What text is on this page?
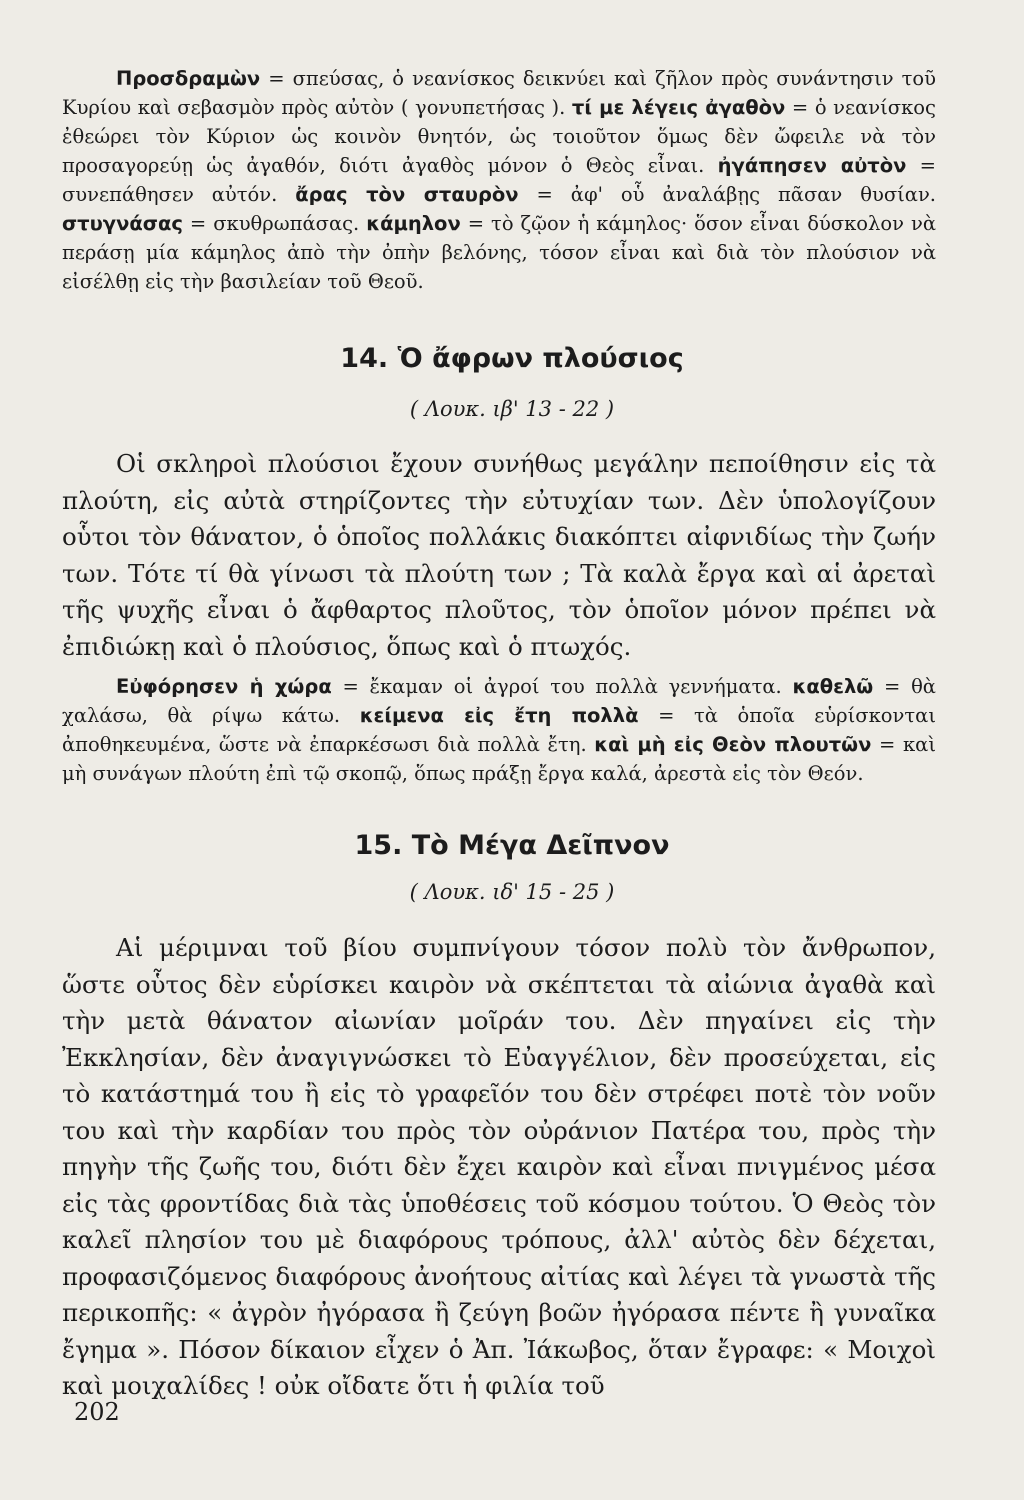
Προσδραμὼν = σπεύσας, ὁ νεανίσκος δεικνύει καὶ ζῆλον πρὸς συνάντησιν τοῦ Κυρίου καὶ σεβασμὸν πρὸς αὐτὸν ( γονυπετήσας ). τί με λέγεις ἀγαθὸν = ὁ νεανίσκος ἐθεώρει τὸν Κύριον ὡς κοινὸν θνητόν, ὡς τοιοῦτον ὅμως δὲν ὤφειλε νὰ τὸν προσαγορεύῃ ὡς ἀγαθόν, διότι ἀγαθὸς μόνον ὁ Θεὸς εἶναι. ἠγάπησεν αὐτὸν = συνεπάθησεν αὐτόν. ἄρας τὸν σταυρὸν = ἀφ' οὗ ἀναλάβῃς πᾶσαν θυσίαν. στυγνάσας = σκυθρωπάσας. κάμηλον = τὸ ζῷον ἡ κάμηλος· ὅσον εἶναι δύσκολον νὰ περάσῃ μία κάμηλος ἀπὸ τὴν ὀπὴν βελόνης, τόσον εἶναι καὶ διὰ τὸν πλούσιον νὰ εἰσέλθῃ εἰς τὴν βασιλείαν τοῦ Θεοῦ.
14. Ὁ ἄφρων πλούσιος
( Λουκ. ιβ' 13 - 22 )
Οἱ σκληροὶ πλούσιοι ἔχουν συνήθως μεγάλην πεποίθησιν εἰς τὰ πλούτη, εἰς αὐτὰ στηρίζοντες τὴν εὐτυχίαν των. Δὲν ὑπολογίζουν οὗτοι τὸν θάνατον, ὁ ὁποῖος πολλάκις διακόπτει αἰφνιδίως τὴν ζωήν των. Τότε τί θὰ γίνωσι τὰ πλούτη των ; Τὰ καλὰ ἔργα καὶ αἱ ἀρεταὶ τῆς ψυχῆς εἶναι ὁ ἄφθαρτος πλοῦτος, τὸν ὁποῖον μόνον πρέπει νὰ ἐπιδιώκῃ καὶ ὁ πλούσιος, ὅπως καὶ ὁ πτωχός.
Εὐφόρησεν ἡ χώρα = ἔκαμαν οἱ ἀγροί του πολλὰ γεννήματα. καθελῶ = θὰ χαλάσω, θὰ ρίψω κάτω. κείμενα εἰς ἔτη πολλὰ = τὰ ὁποῖα εὑρίσκονται ἀποθηκευμένα, ὥστε νὰ ἐπαρκέσωσι διὰ πολλὰ ἔτη. καὶ μὴ εἰς Θεὸν πλουτῶν = καὶ μὴ συνάγων πλούτη ἐπὶ τῷ σκοπῷ, ὅπως πράξῃ ἔργα καλά, ἀρεστὰ εἰς τὸν Θεόν.
15. Τὸ Μέγα Δεῖπνον
( Λουκ. ιδ' 15 - 25 )
Αἱ μέριμναι τοῦ βίου συμπνίγουν τόσον πολὺ τὸν ἄνθρωπον, ὥστε οὗτος δὲν εὑρίσκει καιρὸν νὰ σκέπτεται τὰ αἰώνια ἀγαθὰ καὶ τὴν μετὰ θάνατον αἰωνίαν μοῖράν του. Δὲν πηγαίνει εἰς τὴν Ἐκκλησίαν, δὲν ἀναγιγνώσκει τὸ Εὐαγγέλιον, δὲν προσεύχεται, εἰς τὸ κατάστημά του ἢ εἰς τὸ γραφεῖόν του δὲν στρέφει ποτὲ τὸν νοῦν του καὶ τὴν καρδίαν του πρὸς τὸν οὐράνιον Πατέρα του, πρὸς τὴν πηγὴν τῆς ζωῆς του, διότι δὲν ἔχει καιρὸν καὶ εἶναι πνιγμένος μέσα εἰς τὰς φροντίδας διὰ τὰς ὑποθέσεις τοῦ κόσμου τούτου. Ὁ Θεὸς τὸν καλεῖ πλησίον του μὲ διαφόρους τρόπους, ἀλλ' αὐτὸς δὲν δέχεται, προφασιζόμενος διαφόρους ἀνοήτους αἰτίας καὶ λέγει τὰ γνωστὰ τῆς περικοπῆς: « ἀγρὸν ἠγόρασα ἢ ζεύγη βοῶν ἠγόρασα πέντε ἢ γυναῖκα ἔγημα ». Πόσον δίκαιον εἶχεν ὁ Ἀπ. Ἰάκωβος, ὅταν ἔγραφε: « Μοιχοὶ καὶ μοιχαλίδες ! οὐκ οἴδατε ὅτι ἡ φιλία τοῦ
202
